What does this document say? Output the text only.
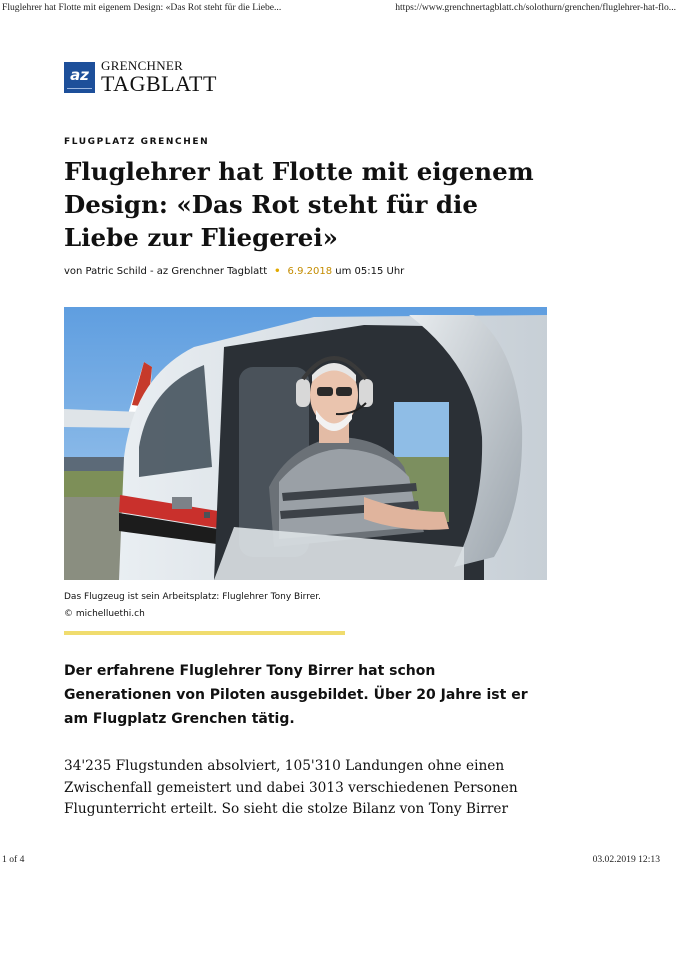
Fluglehrer hat Flotte mit eigenem Design: «Das Rot steht für die Liebe...	https://www.grenchnertagblatt.ch/solothurn/grenchen/fluglehrer-hat-flo...
az GRENCHNER
TAGBLATT
FLUGPLATZ GRENCHEN
Fluglehrer hat Flotte mit eigenem
Design: «Das Rot steht für die
Liebe zur Fliegerei»
von Patric Schild - az Grenchner Tagblatt • 6.9.2018 um 05:15 Uhr
Das Flugzeug ist sein Arbeitsplatz: Fluglehrer Tony Birrer.
© michelluethi.ch

Der erfahrene Fluglehrer Tony Birrer hat schon
Generationen von Piloten ausgebildet. Über 20 Jahre ist er
am Flugplatz Grenchen tätig.

34'235 Flugstunden absolviert, 105'310 Landungen ohne einen
Zwischenfall gemeistert und dabei 3013 verschiedenen Personen
Flugunterricht erteilt. So sieht die stolze Bilanz von Tony Birrer

1 of 4	03.02.2019 12:13
